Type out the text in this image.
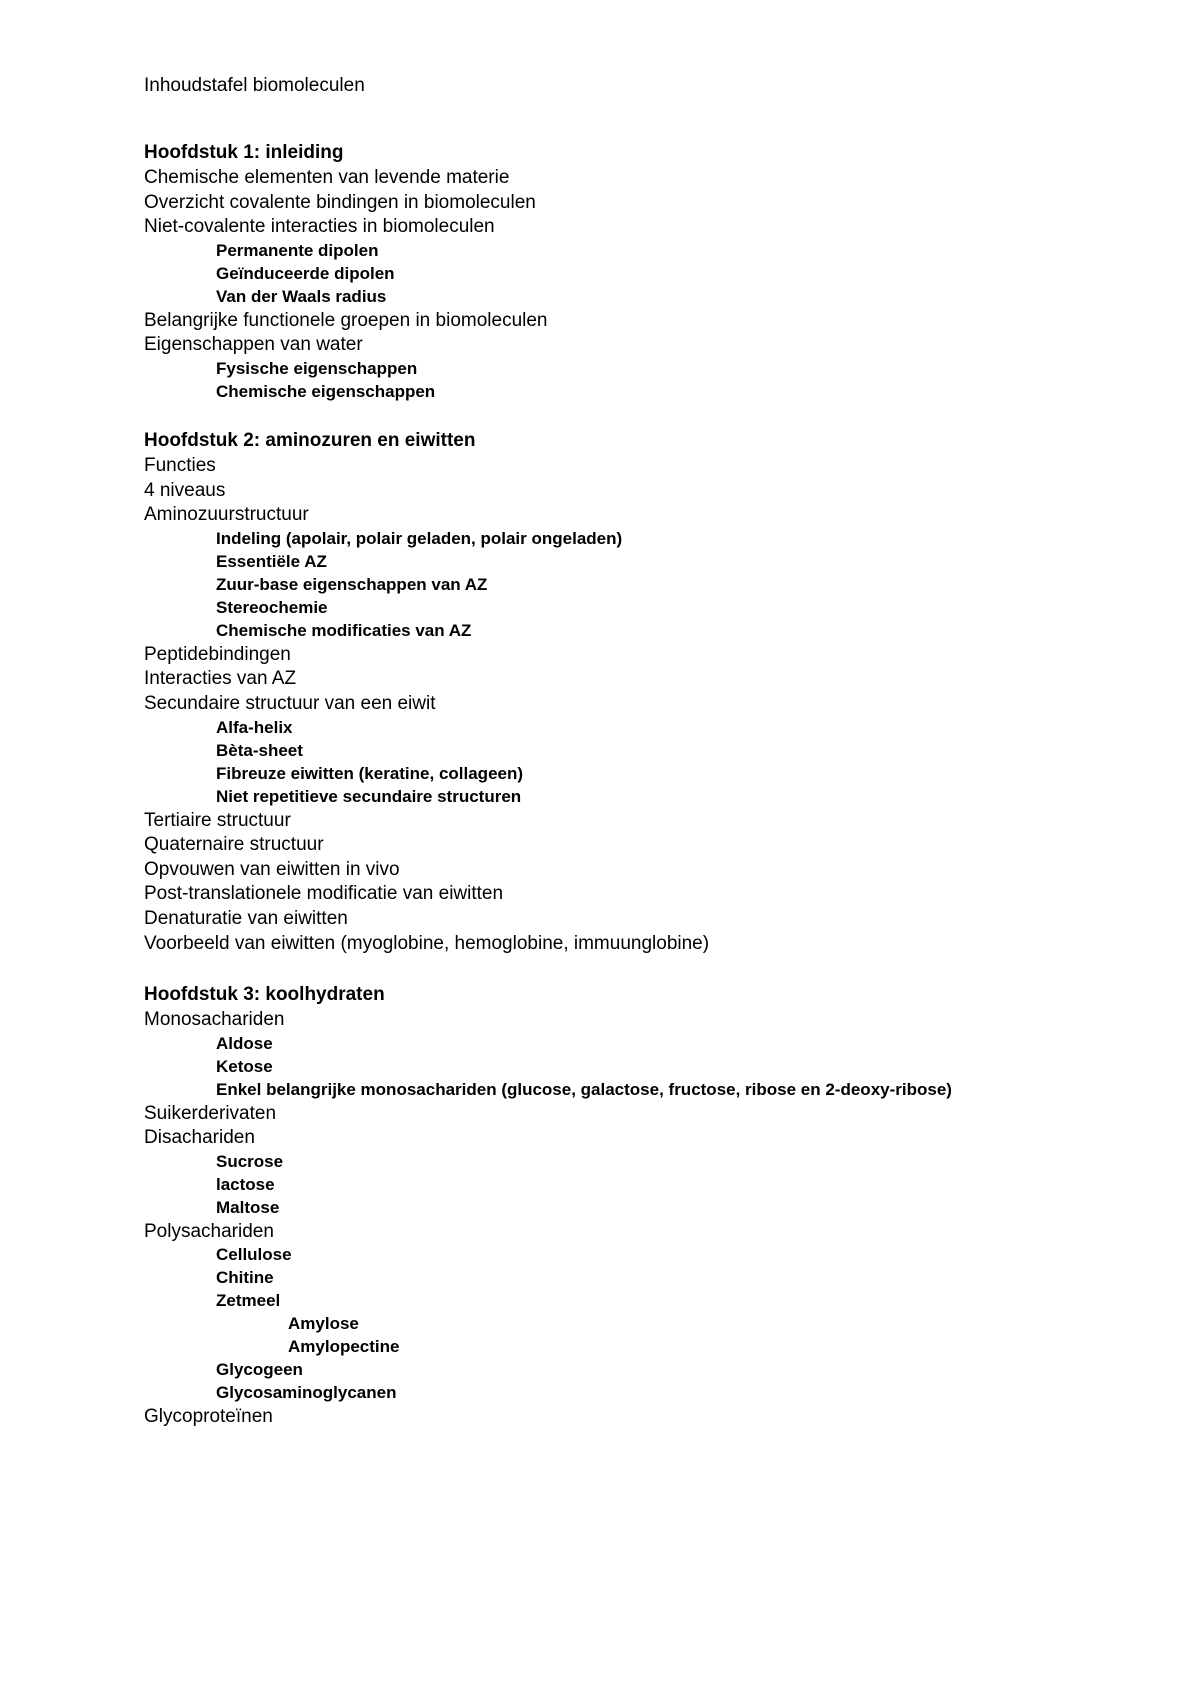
Inhoudstafel biomoleculen
Hoofdstuk 1: inleiding
Chemische elementen van levende materie
Overzicht covalente bindingen in biomoleculen
Niet-covalente interacties in biomoleculen
Permanente dipolen
Geïnduceerde dipolen
Van der Waals radius
Belangrijke functionele groepen in biomoleculen
Eigenschappen van water
Fysische eigenschappen
Chemische eigenschappen
Hoofdstuk 2: aminozuren en eiwitten
Functies
4 niveaus
Aminozuurstructuur
Indeling (apolair, polair geladen, polair ongeladen)
Essentiële AZ
Zuur-base eigenschappen van AZ
Stereochemie
Chemische modificaties van AZ
Peptidebindingen
Interacties van AZ
Secundaire structuur van een eiwit
Alfa-helix
Bèta-sheet
Fibreuze eiwitten (keratine, collageen)
Niet repetitieve secundaire structuren
Tertiaire structuur
Quaternaire structuur
Opvouwen van eiwitten in vivo
Post-translationele modificatie van eiwitten
Denaturatie van eiwitten
Voorbeeld van eiwitten (myoglobine, hemoglobine, immuunglobine)
Hoofdstuk 3: koolhydraten
Monosachariden
Aldose
Ketose
Enkel belangrijke monosachariden (glucose, galactose, fructose, ribose en 2-deoxy-ribose)
Suikerderivaten
Disachariden
Sucrose
lactose
Maltose
Polysachariden
Cellulose
Chitine
Zetmeel
Amylose
Amylopectine
Glycogeen
Glycosaminoglycanen
Glycoproteïnen
